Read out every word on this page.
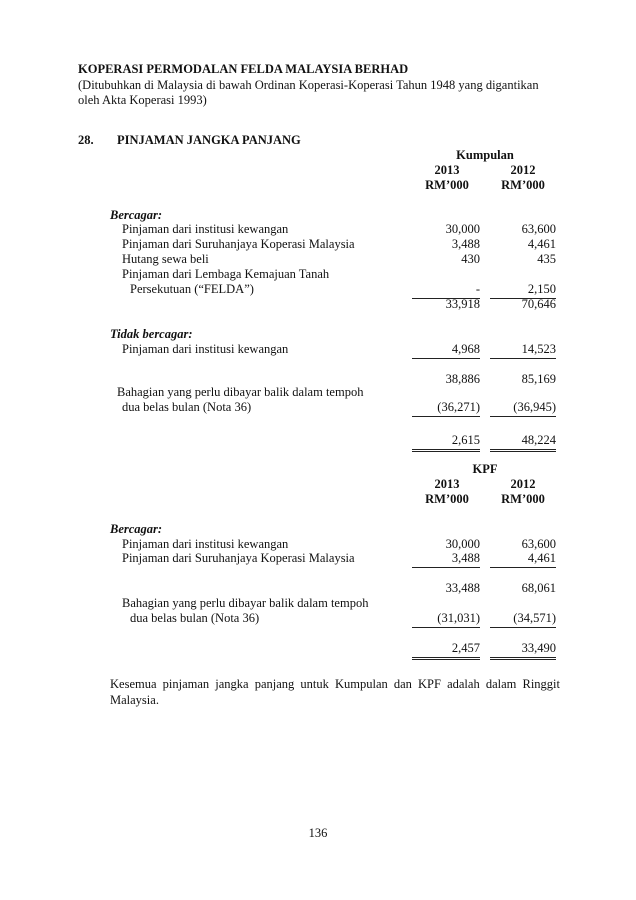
KOPERASI PERMODALAN FELDA MALAYSIA BERHAD
(Ditubuhkan di Malaysia di bawah Ordinan Koperasi-Koperasi Tahun 1948 yang digantikan
oleh Akta Koperasi 1993)
28. PINJAMAN JANGKA PANJANG
Kumpulan
2013	2012
RM’000	RM’000
Bercagar:
Pinjaman dari institusi kewangan	30,000	63,600
Pinjaman dari Suruhanjaya Koperasi Malaysia	3,488	4,461
Hutang sewa beli	430	435
Pinjaman dari Lembaga Kemajuan Tanah
Persekutuan (“FELDA”)	-	2,150
33,918	70,646
Tidak bercagar:
Pinjaman dari institusi kewangan	4,968	14,523
38,886	85,169
Bahagian yang perlu dibayar balik dalam tempoh
dua belas bulan (Nota 36)	(36,271)	(36,945)
2,615	48,224
KPF
2013	2012
RM’000	RM’000
Bercagar:
Pinjaman dari institusi kewangan	30,000	63,600
Pinjaman dari Suruhanjaya Koperasi Malaysia	3,488	4,461
33,488	68,061
Bahagian yang perlu dibayar balik dalam tempoh
dua belas bulan (Nota 36)	(31,031)	(34,571)
2,457	33,490
Kesemua pinjaman jangka panjang untuk Kumpulan dan KPF adalah dalam Ringgit Malaysia.
136
